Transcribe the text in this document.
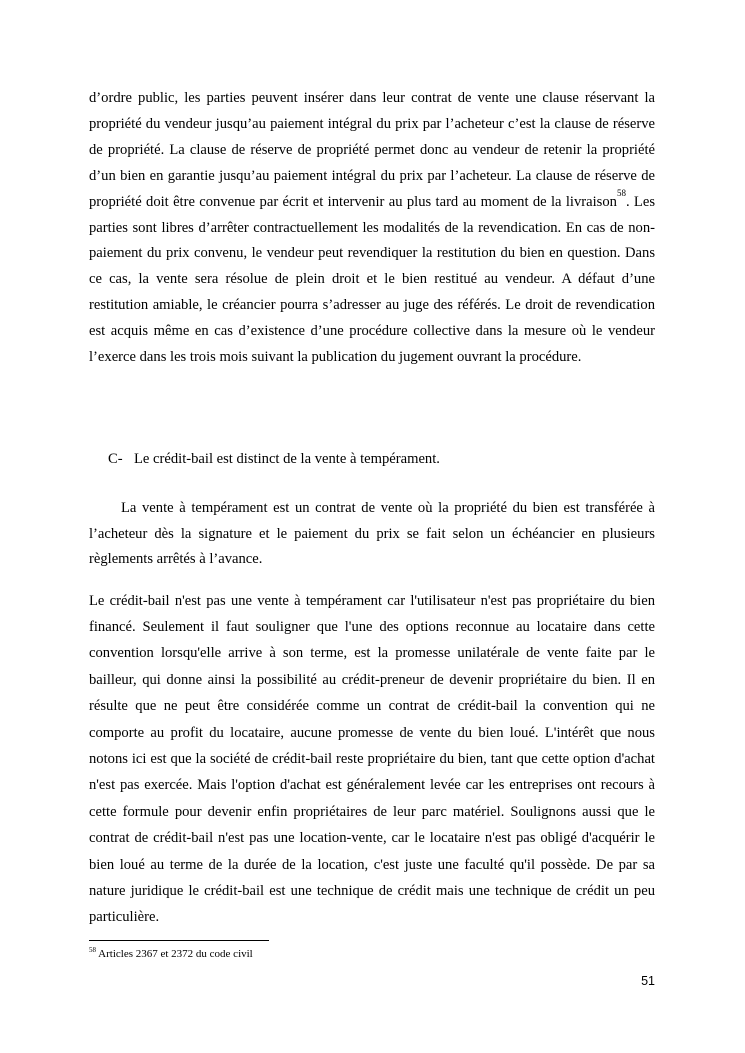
d’ordre public, les parties peuvent insérer dans leur contrat de vente une clause réservant la propriété du vendeur jusqu’au paiement intégral du prix par l’acheteur c’est la clause de réserve de propriété. La clause de réserve de propriété permet donc au vendeur de retenir la propriété d’un bien en garantie jusqu’au paiement intégral du prix par l’acheteur. La clause de réserve de propriété doit être convenue par écrit et intervenir au plus tard au moment de la livraison$^{58}$. Les parties sont libres d’arrêter contractuellement les modalités de la revendication. En cas de non-paiement du prix convenu, le vendeur peut revendiquer la restitution du bien en question. Dans ce cas, la vente sera résolue de plein droit et le bien restitué au vendeur. A défaut d’une restitution amiable, le créancier pourra s’adresser au juge des référés. Le droit de revendication est acquis même en cas d’existence d’une procédure collective dans la mesure où le vendeur l’exerce dans les trois mois suivant la publication du jugement ouvrant la procédure.

C- Le crédit-bail est distinct de la vente à tempérament.

La vente à tempérament est un contrat de vente où la propriété du bien est transférée à l’acheteur dès la signature et le paiement du prix se fait selon un échéancier en plusieurs règlements arrêtés à l’avance.

Le crédit-bail n'est pas une vente à tempérament car l'utilisateur n'est pas propriétaire du bien financé. Seulement il faut souligner que l'une des options reconnue au locataire dans cette convention lorsqu'elle arrive à son terme, est la promesse unilatérale de vente faite par le bailleur, qui donne ainsi la possibilité au crédit-preneur de devenir propriétaire du bien. Il en résulte que ne peut être considérée comme un contrat de crédit-bail la convention qui ne comporte au profit du locataire, aucune promesse de vente du bien loué. L'intérêt que nous notons ici est que la société de crédit-bail reste propriétaire du bien, tant que cette option d'achat n'est pas exercée. Mais l'option d'achat est généralement levée car les entreprises ont recours à cette formule pour devenir enfin propriétaires de leur parc matériel. Soulignons aussi que le contrat de crédit-bail n'est pas une location-vente, car le locataire n'est pas obligé d'acquérir le bien loué au terme de la durée de la location, c'est juste une faculté qu'il possède. De par sa nature juridique le crédit-bail est une technique de crédit mais une technique de crédit un peu particulière.

$^{58}$ Articles 2367 et 2372 du code civil
51
